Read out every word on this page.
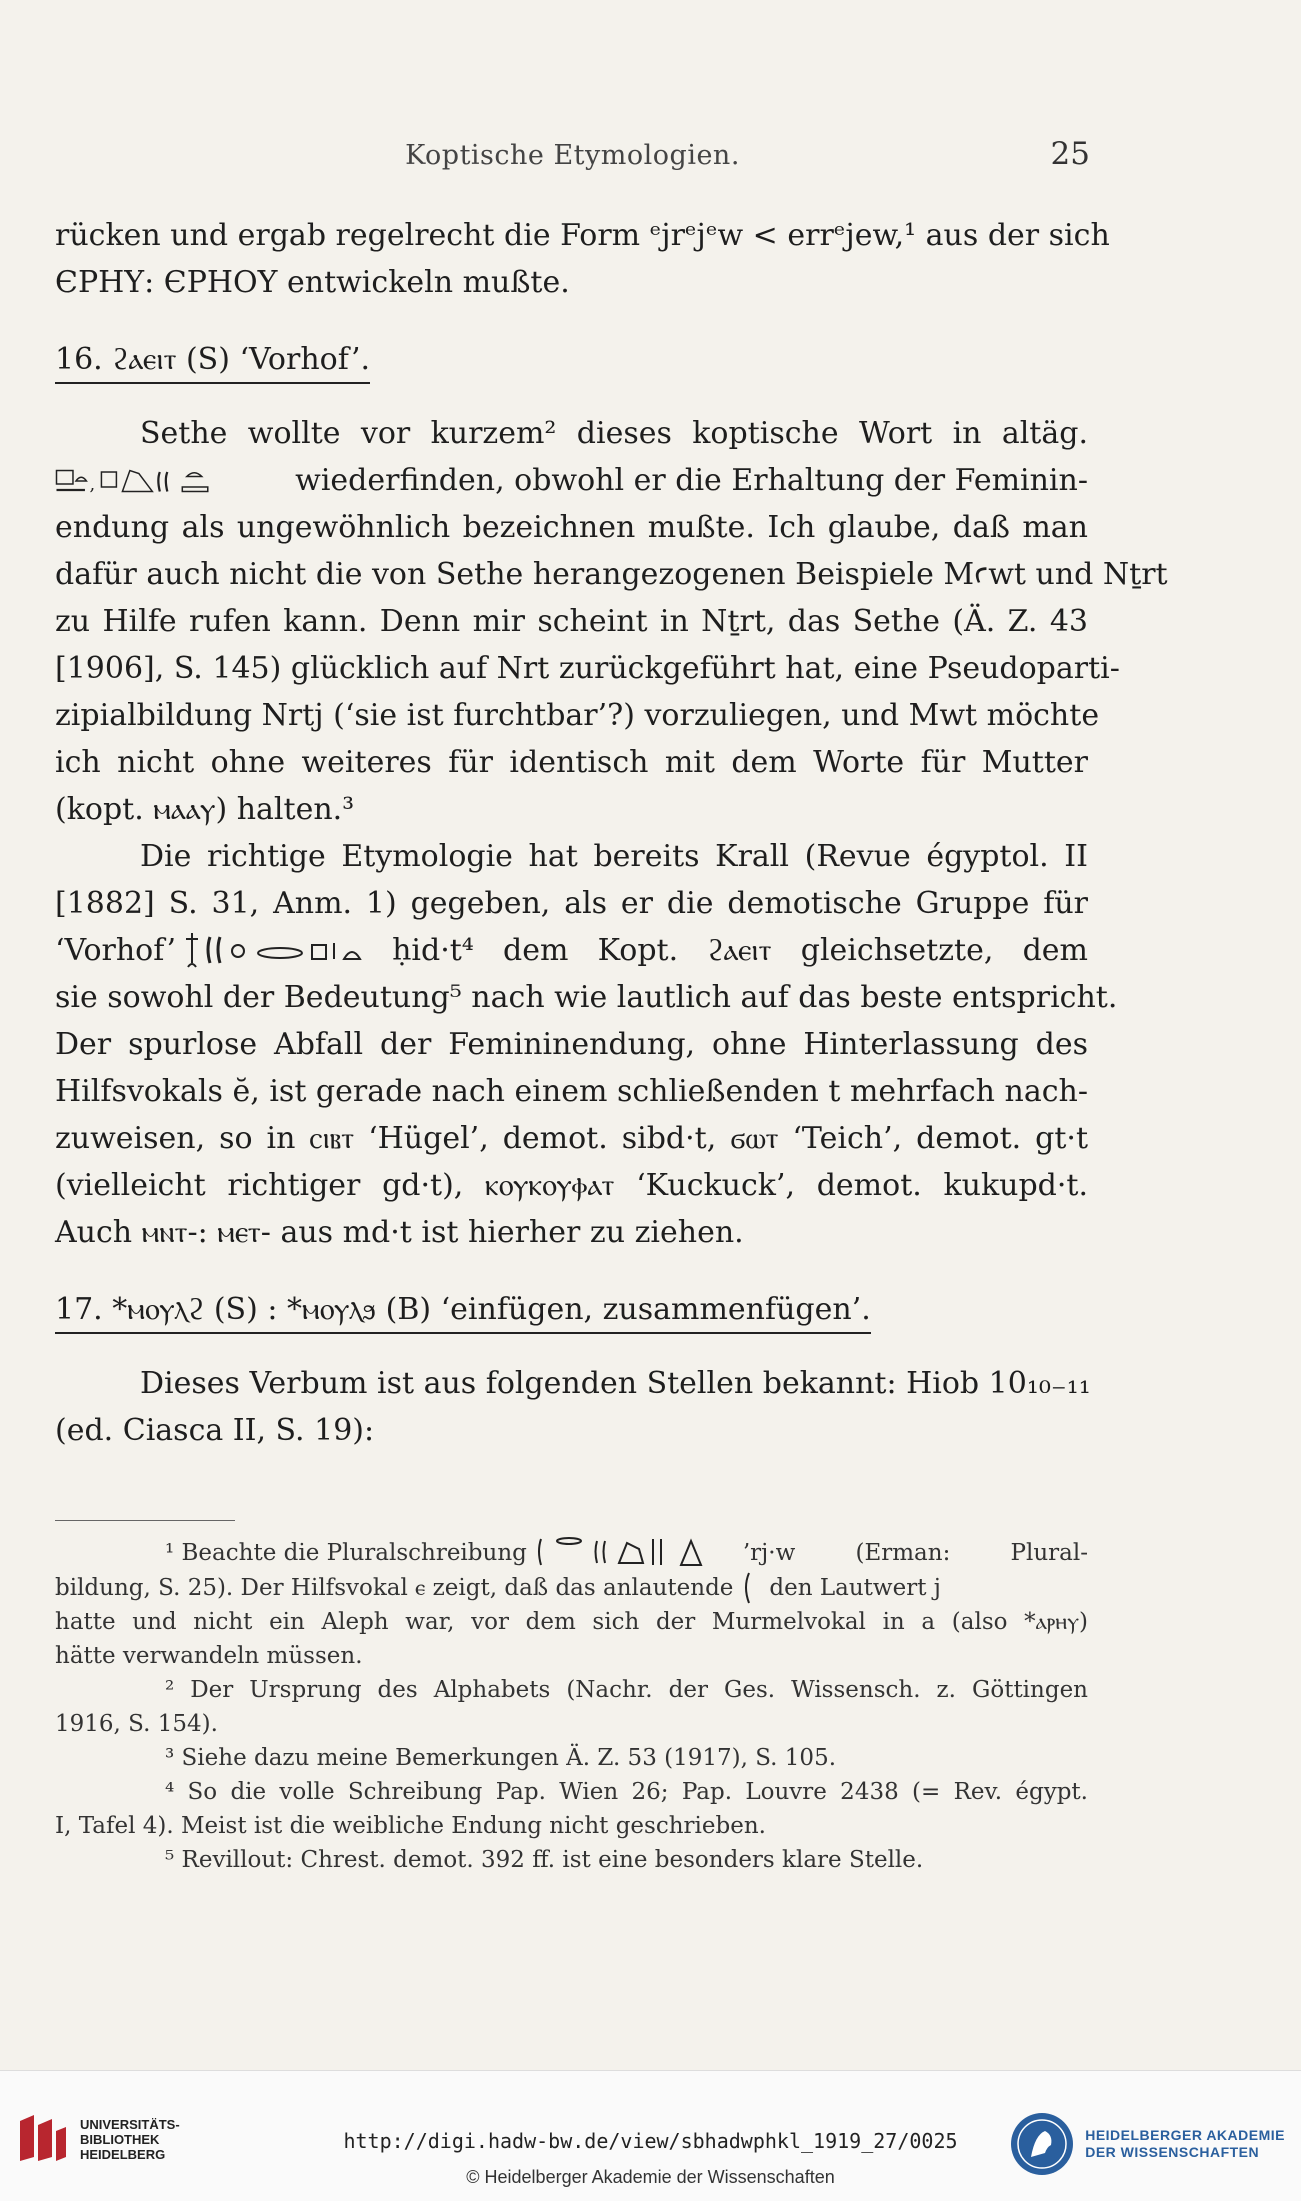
Koptische Etymologien.	25
rücken und ergab regelrecht die Form ᵉjrᵉjᵉw < errᵉjew,¹ aus der sich
ЄΡΗΥ: ЄΡΗΟΥ entwickeln mußte.
16. ϩⲁⲉⲓⲧ (S) ‘Vorhof’.
Sethe wollte vor kurzem² dieses koptische Wort in altäg.
,	wiederfinden, obwohl er die Erhaltung der Feminin-
endung als ungewöhnlich bezeichnen mußte. Ich glaube, daß man
dafür auch nicht die von Sethe herangezogenen Beispiele Mꜥwt und Nṯrt
zu Hilfe rufen kann. Denn mir scheint in Nṯrt, das Sethe (Ä. Z. 43
[1906], S. 145) glücklich auf Nrt zurückgeführt hat, eine Pseudoparti-
zipialbildung Nrtj (‘sie ist furchtbar’?) vorzuliegen, und Mwt möchte
ich nicht ohne weiteres für identisch mit dem Worte für Mutter
(kopt. ⲙⲁⲁⲩ) halten.³
Die richtige Etymologie hat bereits Krall (Revue égyptol. II
[1882] S. 31, Anm. 1) gegeben, als er die demotische Gruppe für
‘Vorhof’	ḥid·t⁴ dem Kopt. ϩⲁⲉⲓⲧ gleichsetzte, dem
sie sowohl der Bedeutung⁵ nach wie lautlich auf das beste entspricht.
Der spurlose Abfall der Femininendung, ohne Hinterlassung des
Hilfsvokals ĕ, ist gerade nach einem schließenden t mehrfach nach-
zuweisen, so in ⲥⲓⲃⲧ ‘Hügel’, demot. sibd·t, ϭⲱⲧ ‘Teich’, demot. gt·t
(vielleicht richtiger gd·t), ⲕⲟⲩⲕⲟⲩⲫⲁⲧ ‘Kuckuck’, demot. kukupd·t.
Auch ⲙⲛⲧ-: ⲙⲉⲧ- aus md·t ist hierher zu ziehen.
17. *ⲙⲟⲩⲗϩ (S) : *ⲙⲟⲩⲗϧ (B) ‘einfügen, zusammenfügen’.
Dieses Verbum ist aus folgenden Stellen bekannt: Hiob 10₁₀₋₁₁
(ed. Ciasca II, S. 19):
¹ Beachte die Pluralschreibung	’rj·w (Erman: Plural-
bildung, S. 25). Der Hilfsvokal ⲉ zeigt, daß das anlautende den Lautwert j
hatte und nicht ein Aleph war, vor dem sich der Murmelvokal in a (also *ⲁⲣⲏⲩ)
hätte verwandeln müssen.
² Der Ursprung des Alphabets (Nachr. der Ges. Wissensch. z. Göttingen
1916, S. 154).
³ Siehe dazu meine Bemerkungen Ä. Z. 53 (1917), S. 105.
⁴ So die volle Schreibung Pap. Wien 26; Pap. Louvre 2438 (= Rev. égypt.
I, Tafel 4). Meist ist die weibliche Endung nicht geschrieben.
⁵ Revillout: Chrest. demot. 392 ff. ist eine besonders klare Stelle.
UNIVERSITÄTS-
BIBLIOTHEK
HEIDELBERG
http://digi.hadw-bw.de/view/sbhadwphkl_1919_27/0025
© Heidelberger Akademie der Wissenschaften
HEIDELBERGER AKADEMIE
DER WISSENSCHAFTEN
